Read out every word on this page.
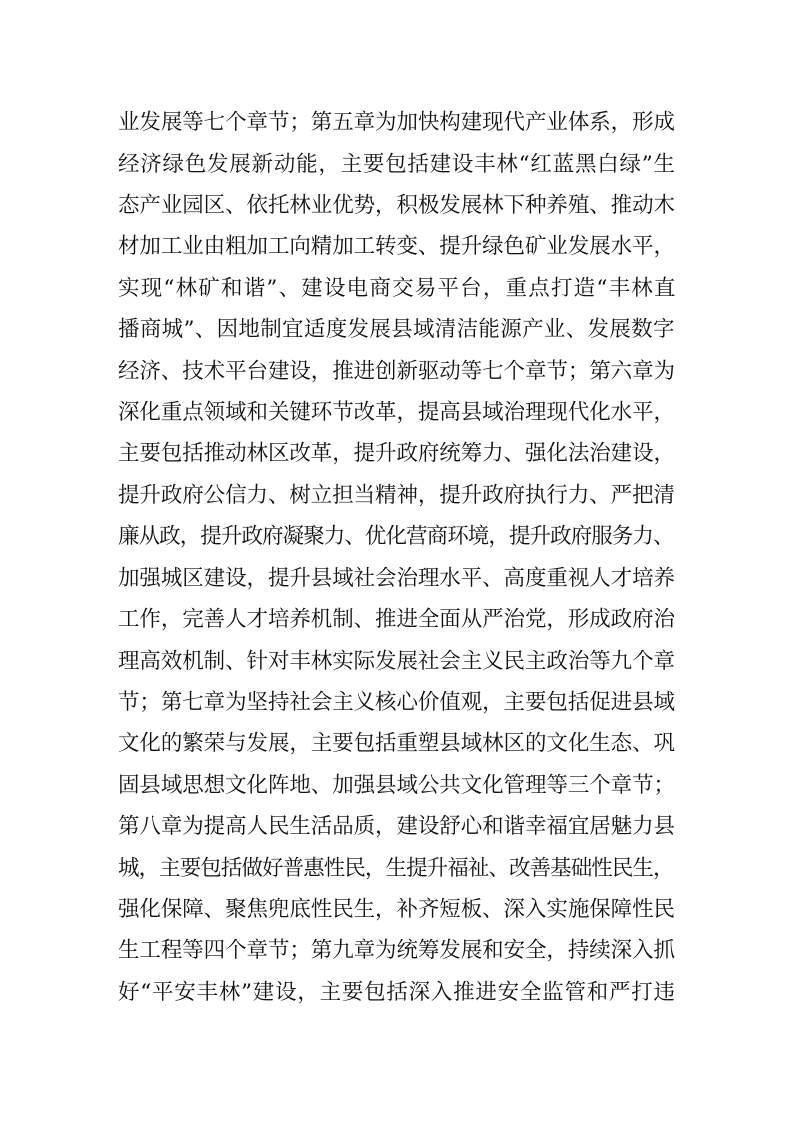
业发展等七个章节；第五章为加快构建现代产业体系，形成
经济绿色发展新动能，主要包括建设丰林“红蓝黑白绿”生
态产业园区、依托林业优势，积极发展林下种养殖、推动木
材加工业由粗加工向精加工转变、提升绿色矿业发展水平，
实现“林矿和谐”、建设电商交易平台，重点打造“丰林直
播商城”、因地制宜适度发展县域清洁能源产业、发展数字
经济、技术平台建设，推进创新驱动等七个章节；第六章为
深化重点领域和关键环节改革，提高县域治理现代化水平，
主要包括推动林区改革，提升政府统筹力、强化法治建设，
提升政府公信力、树立担当精神，提升政府执行力、严把清
廉从政，提升政府凝聚力、优化营商环境，提升政府服务力、
加强城区建设，提升县域社会治理水平、高度重视人才培养
工作，完善人才培养机制、推进全面从严治党，形成政府治
理高效机制、针对丰林实际发展社会主义民主政治等九个章
节；第七章为坚持社会主义核心价值观，主要包括促进县域
文化的繁荣与发展，主要包括重塑县域林区的文化生态、巩
固县域思想文化阵地、加强县域公共文化管理等三个章节；
第八章为提高人民生活品质，建设舒心和谐幸福宜居魅力县
城，主要包括做好普惠性民，生提升福祉、改善基础性民生，
强化保障、聚焦兜底性民生，补齐短板、深入实施保障性民
生工程等四个章节；第九章为统筹发展和安全，持续深入抓
好“平安丰林”建设，主要包括深入推进安全监管和严打违
